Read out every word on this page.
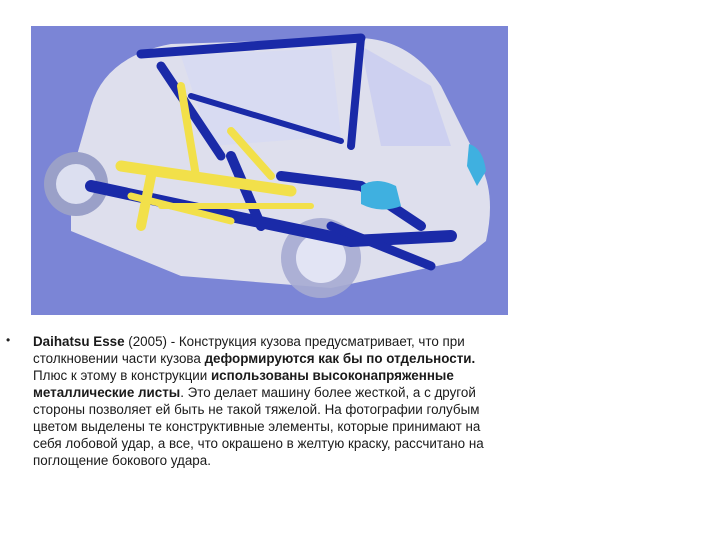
• Daihatsu Esse (2005) - Конструкция кузова предусматривает, что при
столкновении части кузова деформируются как бы по отдельности.
Плюс к этому в конструкции использованы высоконапряженные
металлические листы. Это делает машину более жесткой, а с другой
стороны позволяет ей быть не такой тяжелой. На фотографии голубым
цветом выделены те конструктивные элементы, которые принимают на
себя лобовой удар, а все, что окрашено в желтую краску, рассчитано на
поглощение бокового удара.
